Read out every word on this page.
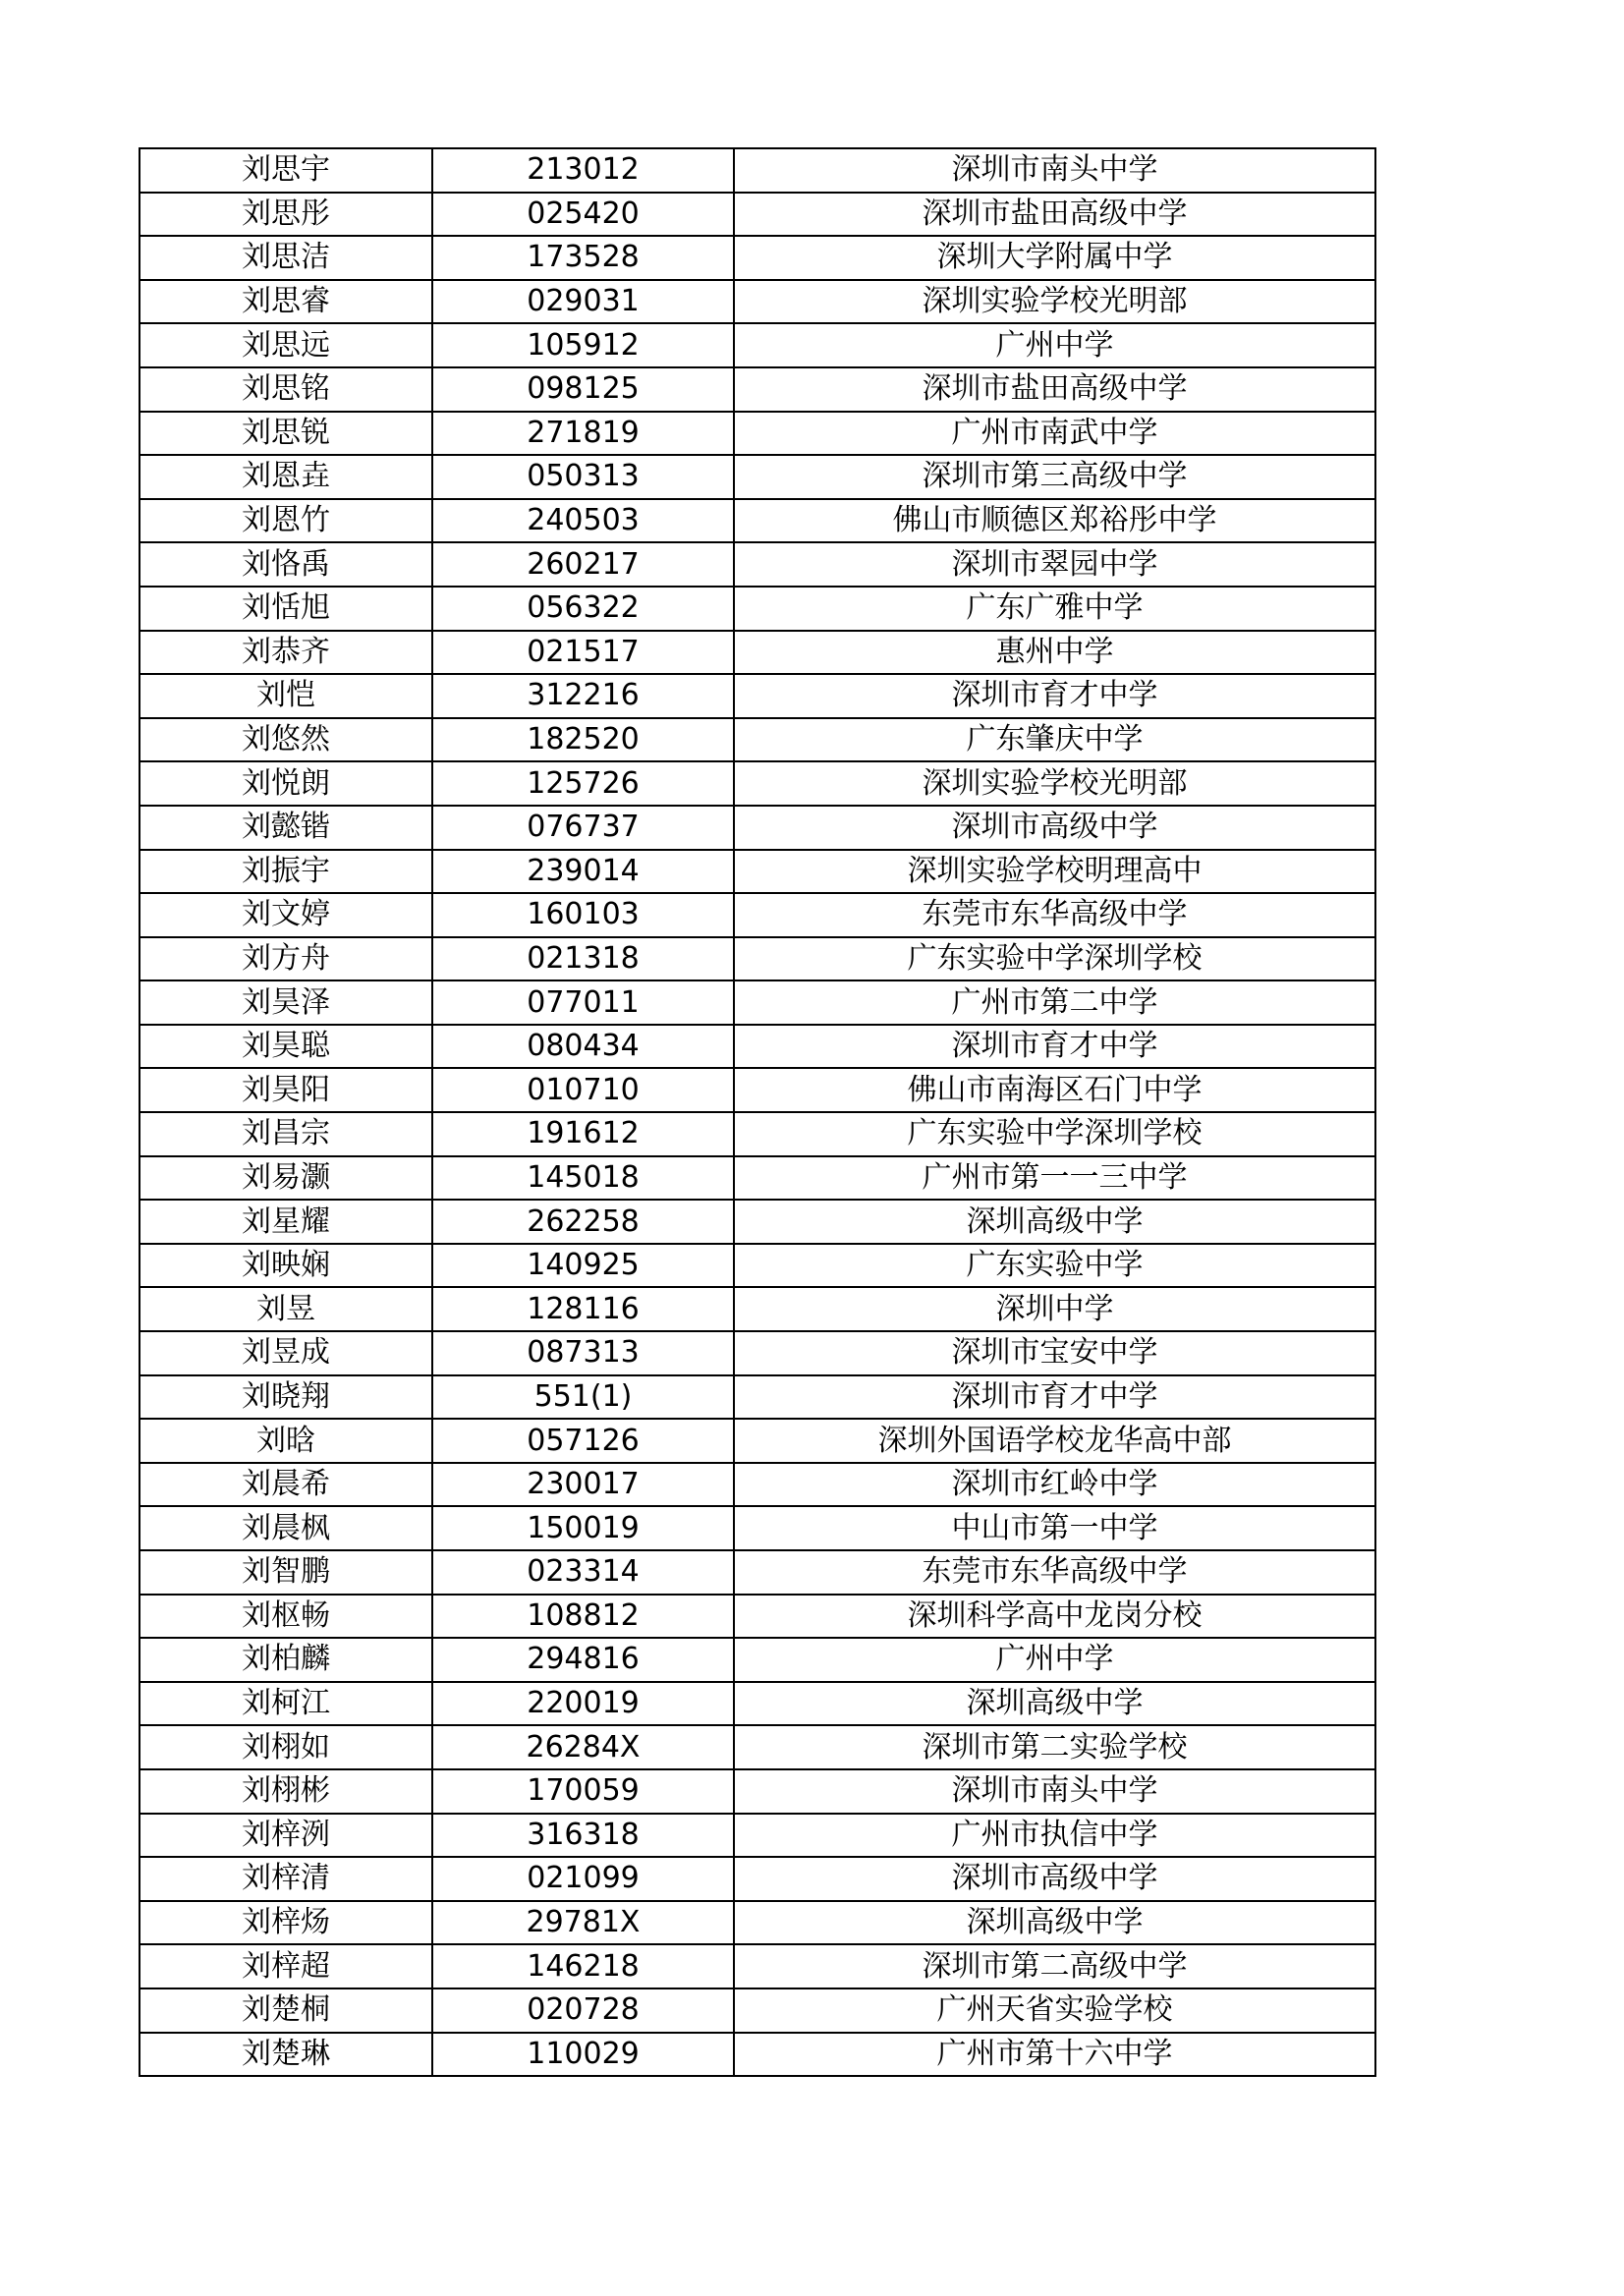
刘思宇	213012	深圳市南头中学
刘思彤	025420	深圳市盐田高级中学
刘思洁	173528	深圳大学附属中学
刘思睿	029031	深圳实验学校光明部
刘思远	105912	广州中学
刘思铭	098125	深圳市盐田高级中学
刘思锐	271819	广州市南武中学
刘恩垚	050313	深圳市第三高级中学
刘恩竹	240503	佛山市顺德区郑裕彤中学
刘恪禹	260217	深圳市翠园中学
刘恬旭	056322	广东广雅中学
刘恭齐	021517	惠州中学
刘恺	312216	深圳市育才中学
刘悠然	182520	广东肇庆中学
刘悦朗	125726	深圳实验学校光明部
刘懿锴	076737	深圳市高级中学
刘振宇	239014	深圳实验学校明理高中
刘文婷	160103	东莞市东华高级中学
刘方舟	021318	广东实验中学深圳学校
刘昊泽	077011	广州市第二中学
刘昊聪	080434	深圳市育才中学
刘昊阳	010710	佛山市南海区石门中学
刘昌宗	191612	广东实验中学深圳学校
刘易灏	145018	广州市第一一三中学
刘星耀	262258	深圳高级中学
刘映娴	140925	广东实验中学
刘昱	128116	深圳中学
刘昱成	087313	深圳市宝安中学
刘晓翔	551(1)	深圳市育才中学
刘晗	057126	深圳外国语学校龙华高中部
刘晨希	230017	深圳市红岭中学
刘晨枫	150019	中山市第一中学
刘智鹏	023314	东莞市东华高级中学
刘枢畅	108812	深圳科学高中龙岗分校
刘柏麟	294816	广州中学
刘柯江	220019	深圳高级中学
刘栩如	26284X	深圳市第二实验学校
刘栩彬	170059	深圳市南头中学
刘梓洌	316318	广州市执信中学
刘梓清	021099	深圳市高级中学
刘梓炀	29781X	深圳高级中学
刘梓超	146218	深圳市第二高级中学
刘楚桐	020728	广州天省实验学校
刘楚琳	110029	广州市第十六中学
